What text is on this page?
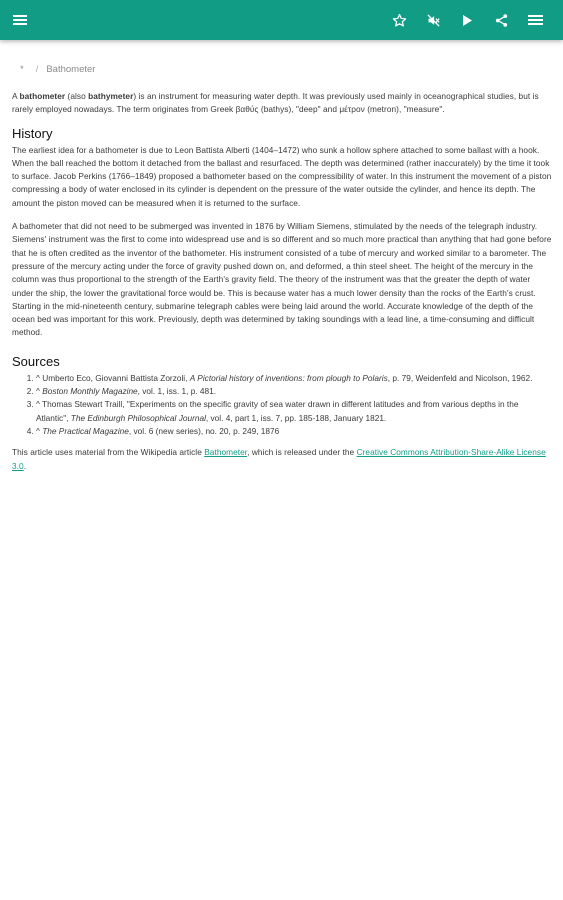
* / Bathometer

A bathometer (also bathymeter) is an instrument for measuring water depth. It was previously used mainly in oceanographical studies, but is rarely employed nowadays. The term originates from Greek βαθύς (bathys), "deep" and μέτρον (metron), "measure".

History

The earliest idea for a bathometer is due to Leon Battista Alberti (1404–1472) who sunk a hollow sphere attached to some ballast with a hook. When the ball reached the bottom it detached from the ballast and resurfaced. The depth was determined (rather inaccurately) by the time it took to surface. Jacob Perkins (1766–1849) proposed a bathometer based on the compressibility of water. In this instrument the movement of a piston compressing a body of water enclosed in its cylinder is dependent on the pressure of the water outside the cylinder, and hence its depth. The amount the piston moved can be measured when it is returned to the surface.

A bathometer that did not need to be submerged was invented in 1876 by William Siemens, stimulated by the needs of the telegraph industry. Siemens' instrument was the first to come into widespread use and is so different and so much more practical than anything that had gone before that he is often credited as the inventor of the bathometer. His instrument consisted of a tube of mercury and worked similar to a barometer. The pressure of the mercury acting under the force of gravity pushed down on, and deformed, a thin steel sheet. The height of the mercury in the column was thus proportional to the strength of the Earth's gravity field. The theory of the instrument was that the greater the depth of water under the ship, the lower the gravitational force would be. This is because water has a much lower density than the rocks of the Earth's crust. Starting in the mid-nineteenth century, submarine telegraph cables were being laid around the world. Accurate knowledge of the depth of the ocean bed was important for this work. Previously, depth was determined by taking soundings with a lead line, a time-consuming and difficult method.

Sources
1. ^ Umberto Eco, Giovanni Battista Zorzoli, A Pictorial history of inventions: from plough to Polaris, p. 79, Weidenfeld and Nicolson, 1962.
2. ^ Boston Monthly Magazine, vol. 1, iss. 1, p. 481.
3. ^ Thomas Stewart Traill, "Experiments on the specific gravity of sea water drawn in different latitudes and from various depths in the Atlantic", The Edinburgh Philosophical Journal, vol. 4, part 1, iss. 7, pp. 185-188, January 1821.
4. ^ The Practical Magazine, vol. 6 (new series), no. 20, p. 249, 1876

This article uses material from the Wikipedia article Bathometer, which is released under the Creative Commons Attribution-Share-Alike License 3.0.
